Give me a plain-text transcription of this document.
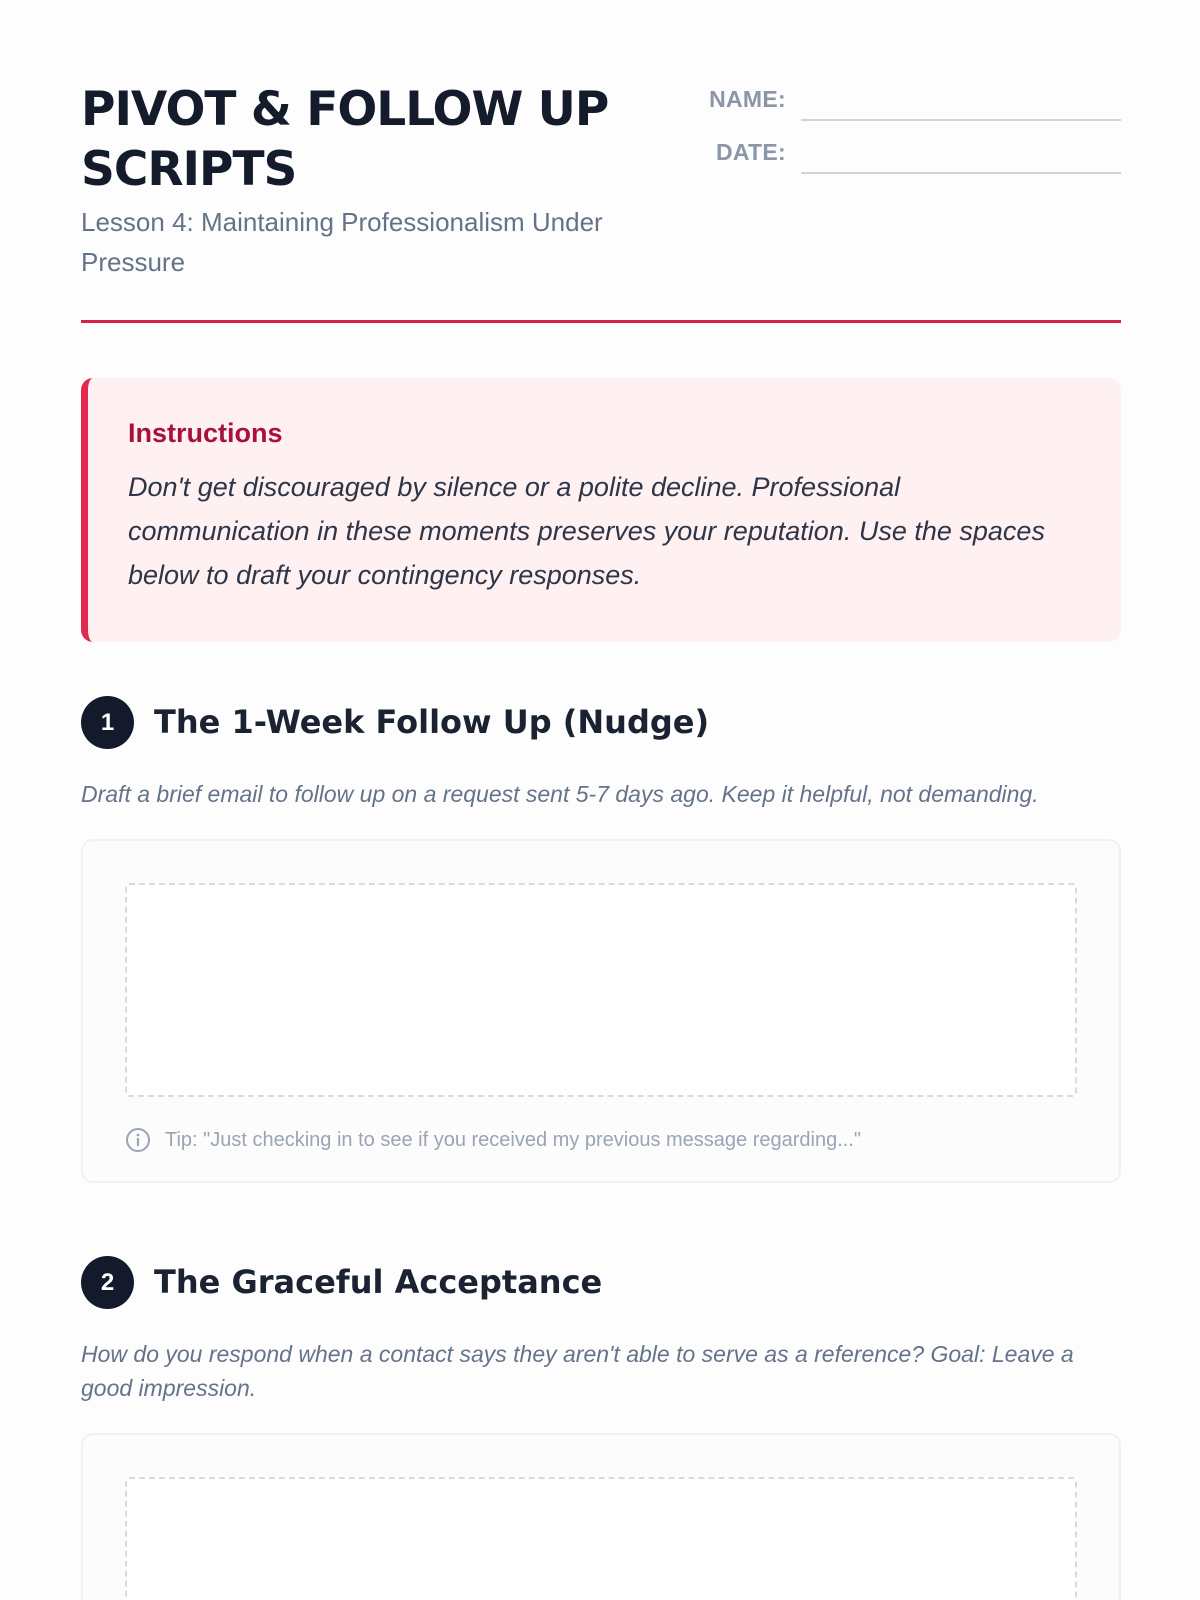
PIVOT & FOLLOW UP SCRIPTS
Lesson 4: Maintaining Professionalism Under Pressure
NAME:
DATE:
Instructions

Don't get discouraged by silence or a polite decline. Professional communication in these moments preserves your reputation. Use the spaces below to draft your contingency responses.

1	The 1-Week Follow Up (Nudge)

Draft a brief email to follow up on a request sent 5-7 days ago. Keep it helpful, not demanding.

Tip: "Just checking in to see if you received my previous message regarding..."
2	The Graceful Acceptance

How do you respond when a contact says they aren't able to serve as a reference? Goal: Leave a good impression.
